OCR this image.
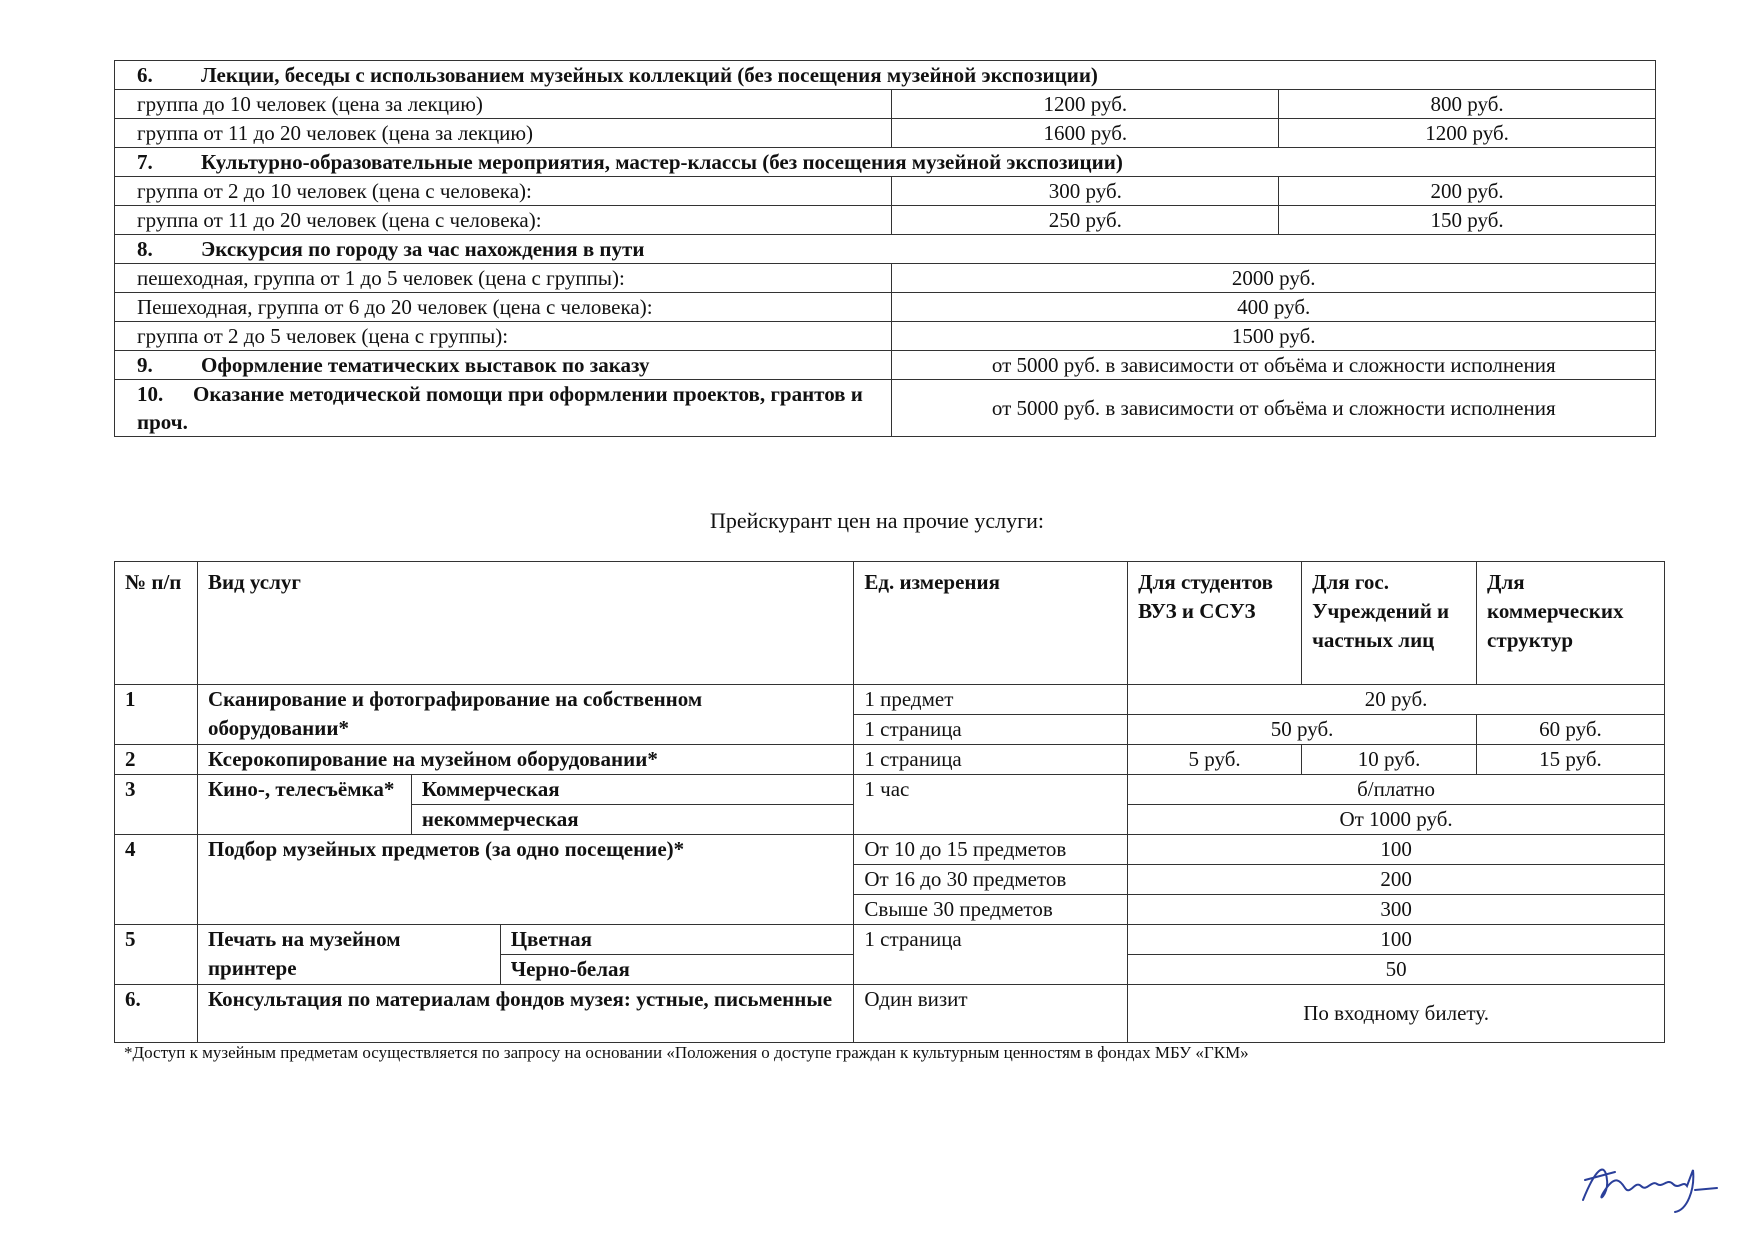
6. Лекции, беседы с использованием музейных коллекций (без посещения музейной экспозиции)		
группа до 10 человек (цена за лекцию)	1200 руб.	800 руб.
группа от 11 до 20 человек (цена за лекцию)	1600 руб.	1200 руб.
7. Культурно-образовательные мероприятия, мастер-классы (без посещения музейной экспозиции)		
группа от 2 до 10 человек (цена с человека):	300 руб.	200 руб.
группа от 11 до 20 человек (цена с человека):	250 руб.	150 руб.
8. Экскурсия по городу за час нахождения в пути		
пешеходная, группа от 1 до 5 человек (цена с группы):	2000 руб.	
Пешеходная, группа от 6 до 20 человек (цена с человека):	400 руб.	
группа от 2 до 5 человек (цена с группы):	1500 руб.	
9. Оформление тематических выставок по заказу	от 5000 руб. в зависимости от объёма и сложности исполнения	
10. Оказание методической помощи при оформлении проектов, грантов и проч.	от 5000 руб. в зависимости от объёма и сложности исполнения	
Прейскурант цен на прочие услуги:
№ п/п	Вид услуг			Ед. измерения	Для студентов ВУЗ и ССУЗ	Для гос. Учреждений и частных лиц	Для коммерческих структур
1	Сканирование и фотографирование на собственном оборудовании*			1 предмет	20 руб.		
				1 страница	50 руб.		60 руб.
2	Ксерокопирование на музейном оборудовании*			1 страница	5 руб.	10 руб.	15 руб.
3	Кино-, телесъёмка*	Коммерческая		1 час	б/платно		
		некоммерческая			От 1000 руб.		
4	Подбор музейных предметов (за одно посещение)*			От 10 до 15 предметов	100		
				От 16 до 30 предметов	200		
				Свыше 30 предметов	300		
5	Печать на музейном принтере		Цветная	1 страница	100		
			Черно-белая		50		
6.	Консультация по материалам фондов музея: устные, письменные			Один визит	По входному билету.		
*Доступ к музейным предметам осуществляется по запросу на основании «Положения о доступе граждан к культурным ценностям в фондах МБУ «ГКМ»
